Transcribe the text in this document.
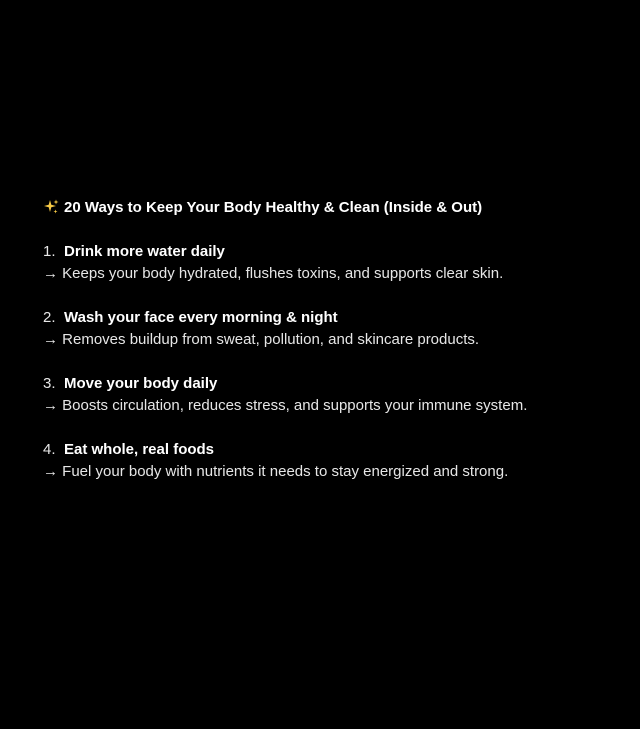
20 Ways to Keep Your Body Healthy & Clean (Inside & Out)
1. Drink more water daily
→ Keeps your body hydrated, flushes toxins, and supports clear skin.
2. Wash your face every morning & night
→ Removes buildup from sweat, pollution, and skincare products.
3. Move your body daily
→ Boosts circulation, reduces stress, and supports your immune system.
4. Eat whole, real foods
→ Fuel your body with nutrients it needs to stay energized and strong.
